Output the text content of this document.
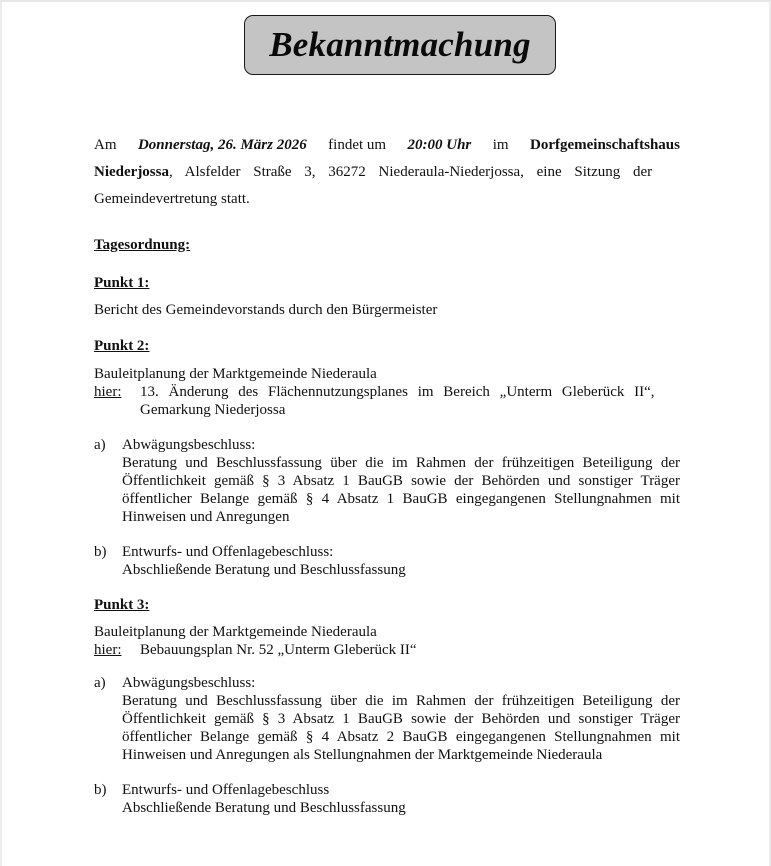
Bekanntmachung
Am Donnerstag, 26. März 2026 findet um 20:00 Uhr im Dorfgemeinschaftshaus
Niederjossa, Alsfelder Straße 3, 36272 Niederaula-Niederjossa, eine Sitzung der
Gemeindevertretung statt.
Tagesordnung:
Punkt 1:
Bericht des Gemeindevorstands durch den Bürgermeister
Punkt 2:
Bauleitplanung der Marktgemeinde Niederaula
hier: 13. Änderung des Flächennutzungsplanes im Bereich „Unterm Gleberück II“,
Gemarkung Niederjossa
a) Abwägungsbeschluss:
Beratung und Beschlussfassung über die im Rahmen der frühzeitigen Beteiligung der
Öffentlichkeit gemäß § 3 Absatz 1 BauGB sowie der Behörden und sonstiger Träger
öffentlicher Belange gemäß § 4 Absatz 1 BauGB eingegangenen Stellungnahmen mit
Hinweisen und Anregungen
b) Entwurfs- und Offenlagebeschluss:
Abschließende Beratung und Beschlussfassung
Punkt 3:
Bauleitplanung der Marktgemeinde Niederaula
hier: Bebauungsplan Nr. 52 „Unterm Gleberück II“
a) Abwägungsbeschluss:
Beratung und Beschlussfassung über die im Rahmen der frühzeitigen Beteiligung der
Öffentlichkeit gemäß § 3 Absatz 1 BauGB sowie der Behörden und sonstiger Träger
öffentlicher Belange gemäß § 4 Absatz 2 BauGB eingegangenen Stellungnahmen mit
Hinweisen und Anregungen als Stellungnahmen der Marktgemeinde Niederaula
b) Entwurfs- und Offenlagebeschluss
Abschließende Beratung und Beschlussfassung
